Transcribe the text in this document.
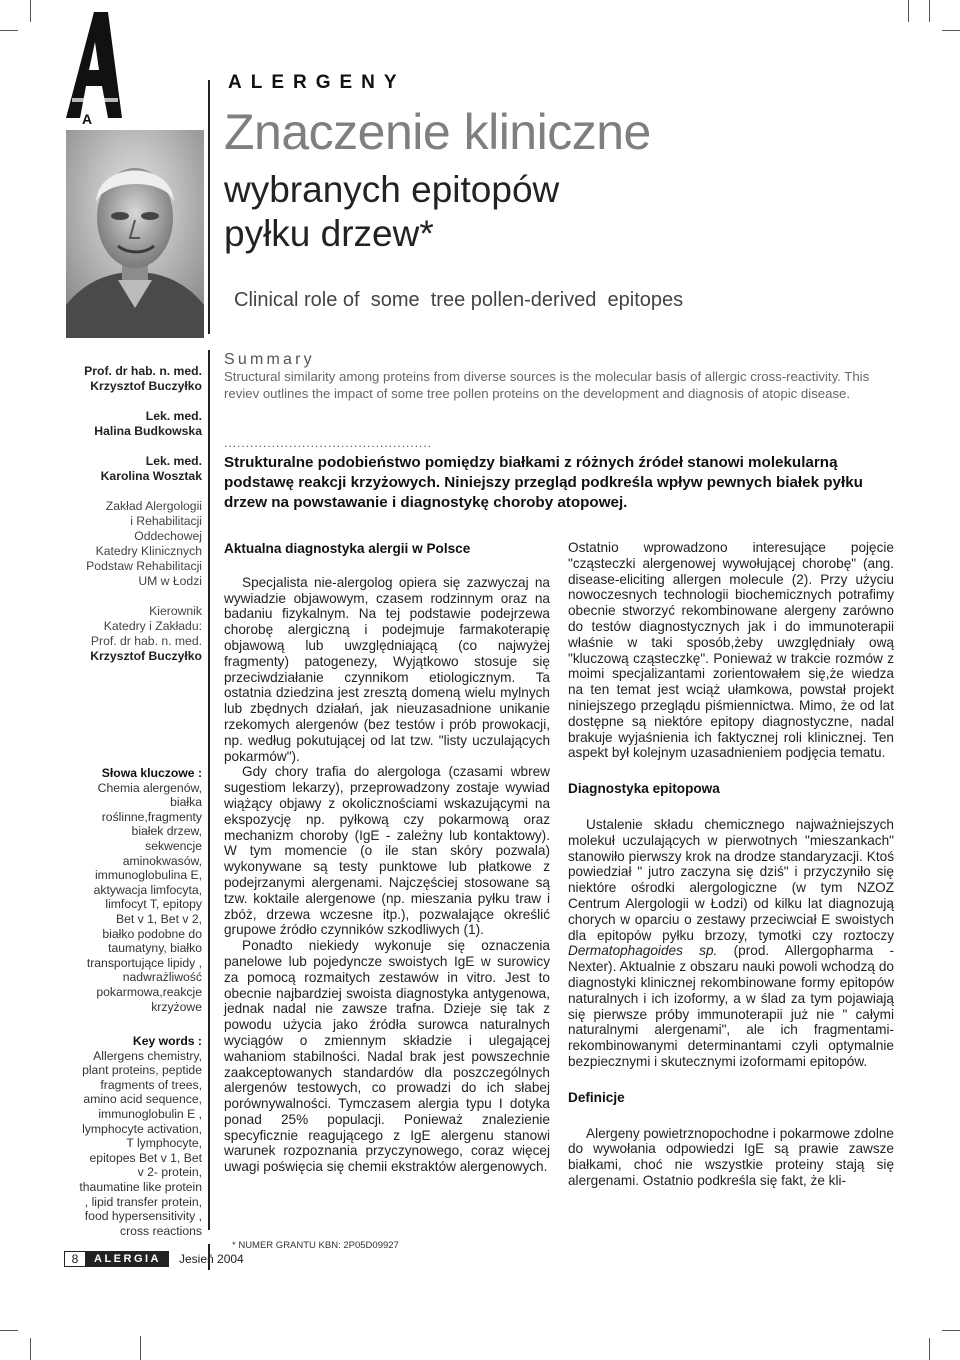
A
ALERGENY
Znaczenie kliniczne
wybranych epitopów
pyłku drzew*
Clinical role of  some  tree pollen-derived  epitopes
Prof. dr hab. n. med.
Krzysztof Buczyłko
Lek. med.
Halina Budkowska
Lek. med.
Karolina Wosztak
Zakład Alergologii
i Rehabilitacji
Oddechowej
Katedry Klinicznych
Podstaw Rehabilitacji
UM w Łodzi
Kierownik
Katedry i Zakładu:
Prof. dr hab. n. med.
Krzysztof Buczyłko
Słowa kluczowe :
Chemia alergenów,
białka
roślinne,fragmenty
białek drzew,
sekwencje
aminokwasów,
immunoglobulina E,
aktywacja limfocyta,
limfocyt T, epitopy
Bet v 1, Bet v 2,
białko podobne do
taumatyny, białko
transportujące lipidy ,
nadwrażliwość
pokarmowa,reakcje
krzyżowe
Key words :
Allergens chemistry,
plant proteins, peptide
fragments of trees,
amino acid sequence,
immunoglobulin E ,
lymphocyte activation,
T lymphocyte,
epitopes Bet v 1, Bet
v 2- protein,
thaumatine like protein
, lipid transfer protein,
food hypersensitivity ,
cross reactions
Summary
Structural similarity among proteins from diverse sources is the molecular basis of allergic cross-reactivity. This reviev outlines the impact of some tree pollen proteins on the development and diagnosis of atopic disease.
................................................
Strukturalne podobieństwo pomiędzy białkami z różnych źródeł stanowi molekularną podstawę reakcji krzyżowych. Niniejszy przegląd podkreśla wpływ pewnych białek pyłku drzew na powstawanie i diagnostykę choroby atopowej.
Aktualna diagnostyka alergii w Polsce

Specjalista nie-alergolog opiera się zazwyczaj na wywiadzie objawowym, czasem rodzinnym oraz na badaniu fizykalnym. Na tej podstawie podejrzewa chorobę alergiczną i podejmuje farmakoterapię objawową lub uwzględniającą (co najwyżej fragmenty) patogenezy, Wyjątkowo stosuje się przeciwdziałanie czynnikom etiologicznym. Ta ostatnia dziedzina jest zresztą domeną wielu mylnych lub zbędnych działań, jak nieuzasadnione unikanie rzekomych alergenów (bez testów i prób prowokacji, np. według pokutującej od lat tzw. "listy uczulających pokarmów").

Gdy chory trafia do alergologa (czasami wbrew sugestiom lekarzy), przeprowadzony zostaje wywiad wiążący objawy z okolicznościami wskazującymi na ekspozycję np. pyłkową czy pokarmową oraz mechanizm choroby (IgE - zależny lub kontaktowy). W tym momencie (o ile stan skóry pozwala) wykonywane są testy punktowe lub płatkowe z podejrzanymi alergenami. Najczęściej stosowane są tzw. koktaile alergenowe (np. mieszania pyłku traw i zbóż, drzewa wczesne itp.), pozwalające określić grupowe źródło czynników szkodliwych (1).

Ponadto niekiedy wykonuje się oznaczenia panelowe lub pojedyncze swoistych IgE w surowicy za pomocą rozmaitych zestawów in vitro. Jest to obecnie najbardziej swoista diagnostyka antygenowa, jednak nadal nie zawsze trafna. Dzieje się tak z powodu użycia jako źródła surowca naturalnych wyciągów o zmiennym składzie i ulegającej wahaniom stabilności. Nadal brak jest powszechnie zaakceptowanych standardów dla poszczególnych alergenów testowych, co prowadzi do ich słabej porównywalności. Tymczasem alergia typu I dotyka ponad 25% populacji. Ponieważ znalezienie specyficznie reagującego z IgE alergenu stanowi warunek rozpoznania przyczynowego, coraz więcej uwagi poświęcia się chemii ekstraktów alergenowych.

Ostatnio wprowadzono interesujące pojęcie "cząsteczki alergenowej wywołującej chorobę" (ang. disease-eliciting allergen molecule (2). Przy użyciu nowoczesnych technologii biochemicznych potrafimy obecnie stworzyć rekombinowane alergeny zarówno do testów diagnostycznych jak i do immunoterapii właśnie w taki sposób,żeby uwzględniały ową "kluczową cząsteczkę". Ponieważ w trakcie rozmów z moimi specjalizantami zorientowałem się,że wiedza na ten temat jest wciąż ułamkowa, powstał projekt niniejszego przeglądu piśmiennictwa. Mimo, że od lat dostępne są niektóre epitopy diagnostyczne, nadal brakuje wyjaśnienia ich faktycznej roli klinicznej. Ten aspekt był kolejnym uzasadnieniem podjęcia tematu.

Diagnostyka epitopowa

Ustalenie składu chemicznego najważniejszych molekuł uczulających w pierwotnych "mieszankach" stanowiło pierwszy krok na drodze standaryzacji. Ktoś powiedział " jutro zaczyna się dziś" i przyczyniło się niektóre ośrodki alergologiczne (w tym NZOZ Centrum Alergologii w Łodzi) od kilku lat diagnozują chorych w oparciu o zestawy przeciwciał E swoistych dla epitopów pyłku brzozy, tymotki czy roztoczy Dermatophagoides sp. (prod. Allergopharma - Nexter). Aktualnie z obszaru nauki powoli wchodzą do diagnostyki klinicznej rekombinowane formy epitopów naturalnych i ich izoformy, a w ślad za tym pojawiają się pierwsze próby immunoterapii już nie " całymi naturalnymi alergenami", ale ich fragmentami- rekombinowanymi determinantami czyli optymalnie bezpiecznymi i skutecznymi izoformami epitopów.

Definicje

Alergeny powietrznopochodne i pokarmowe zdolne do wywołania odpowiedzi IgE są prawie zawsze białkami, choć nie wszystkie proteiny stają się alergenami. Ostatnio podkreśla się fakt, że kli-

* NUMER GRANTU KBN: 2P05D09927
8	ALERGIA	Jesień 2004
